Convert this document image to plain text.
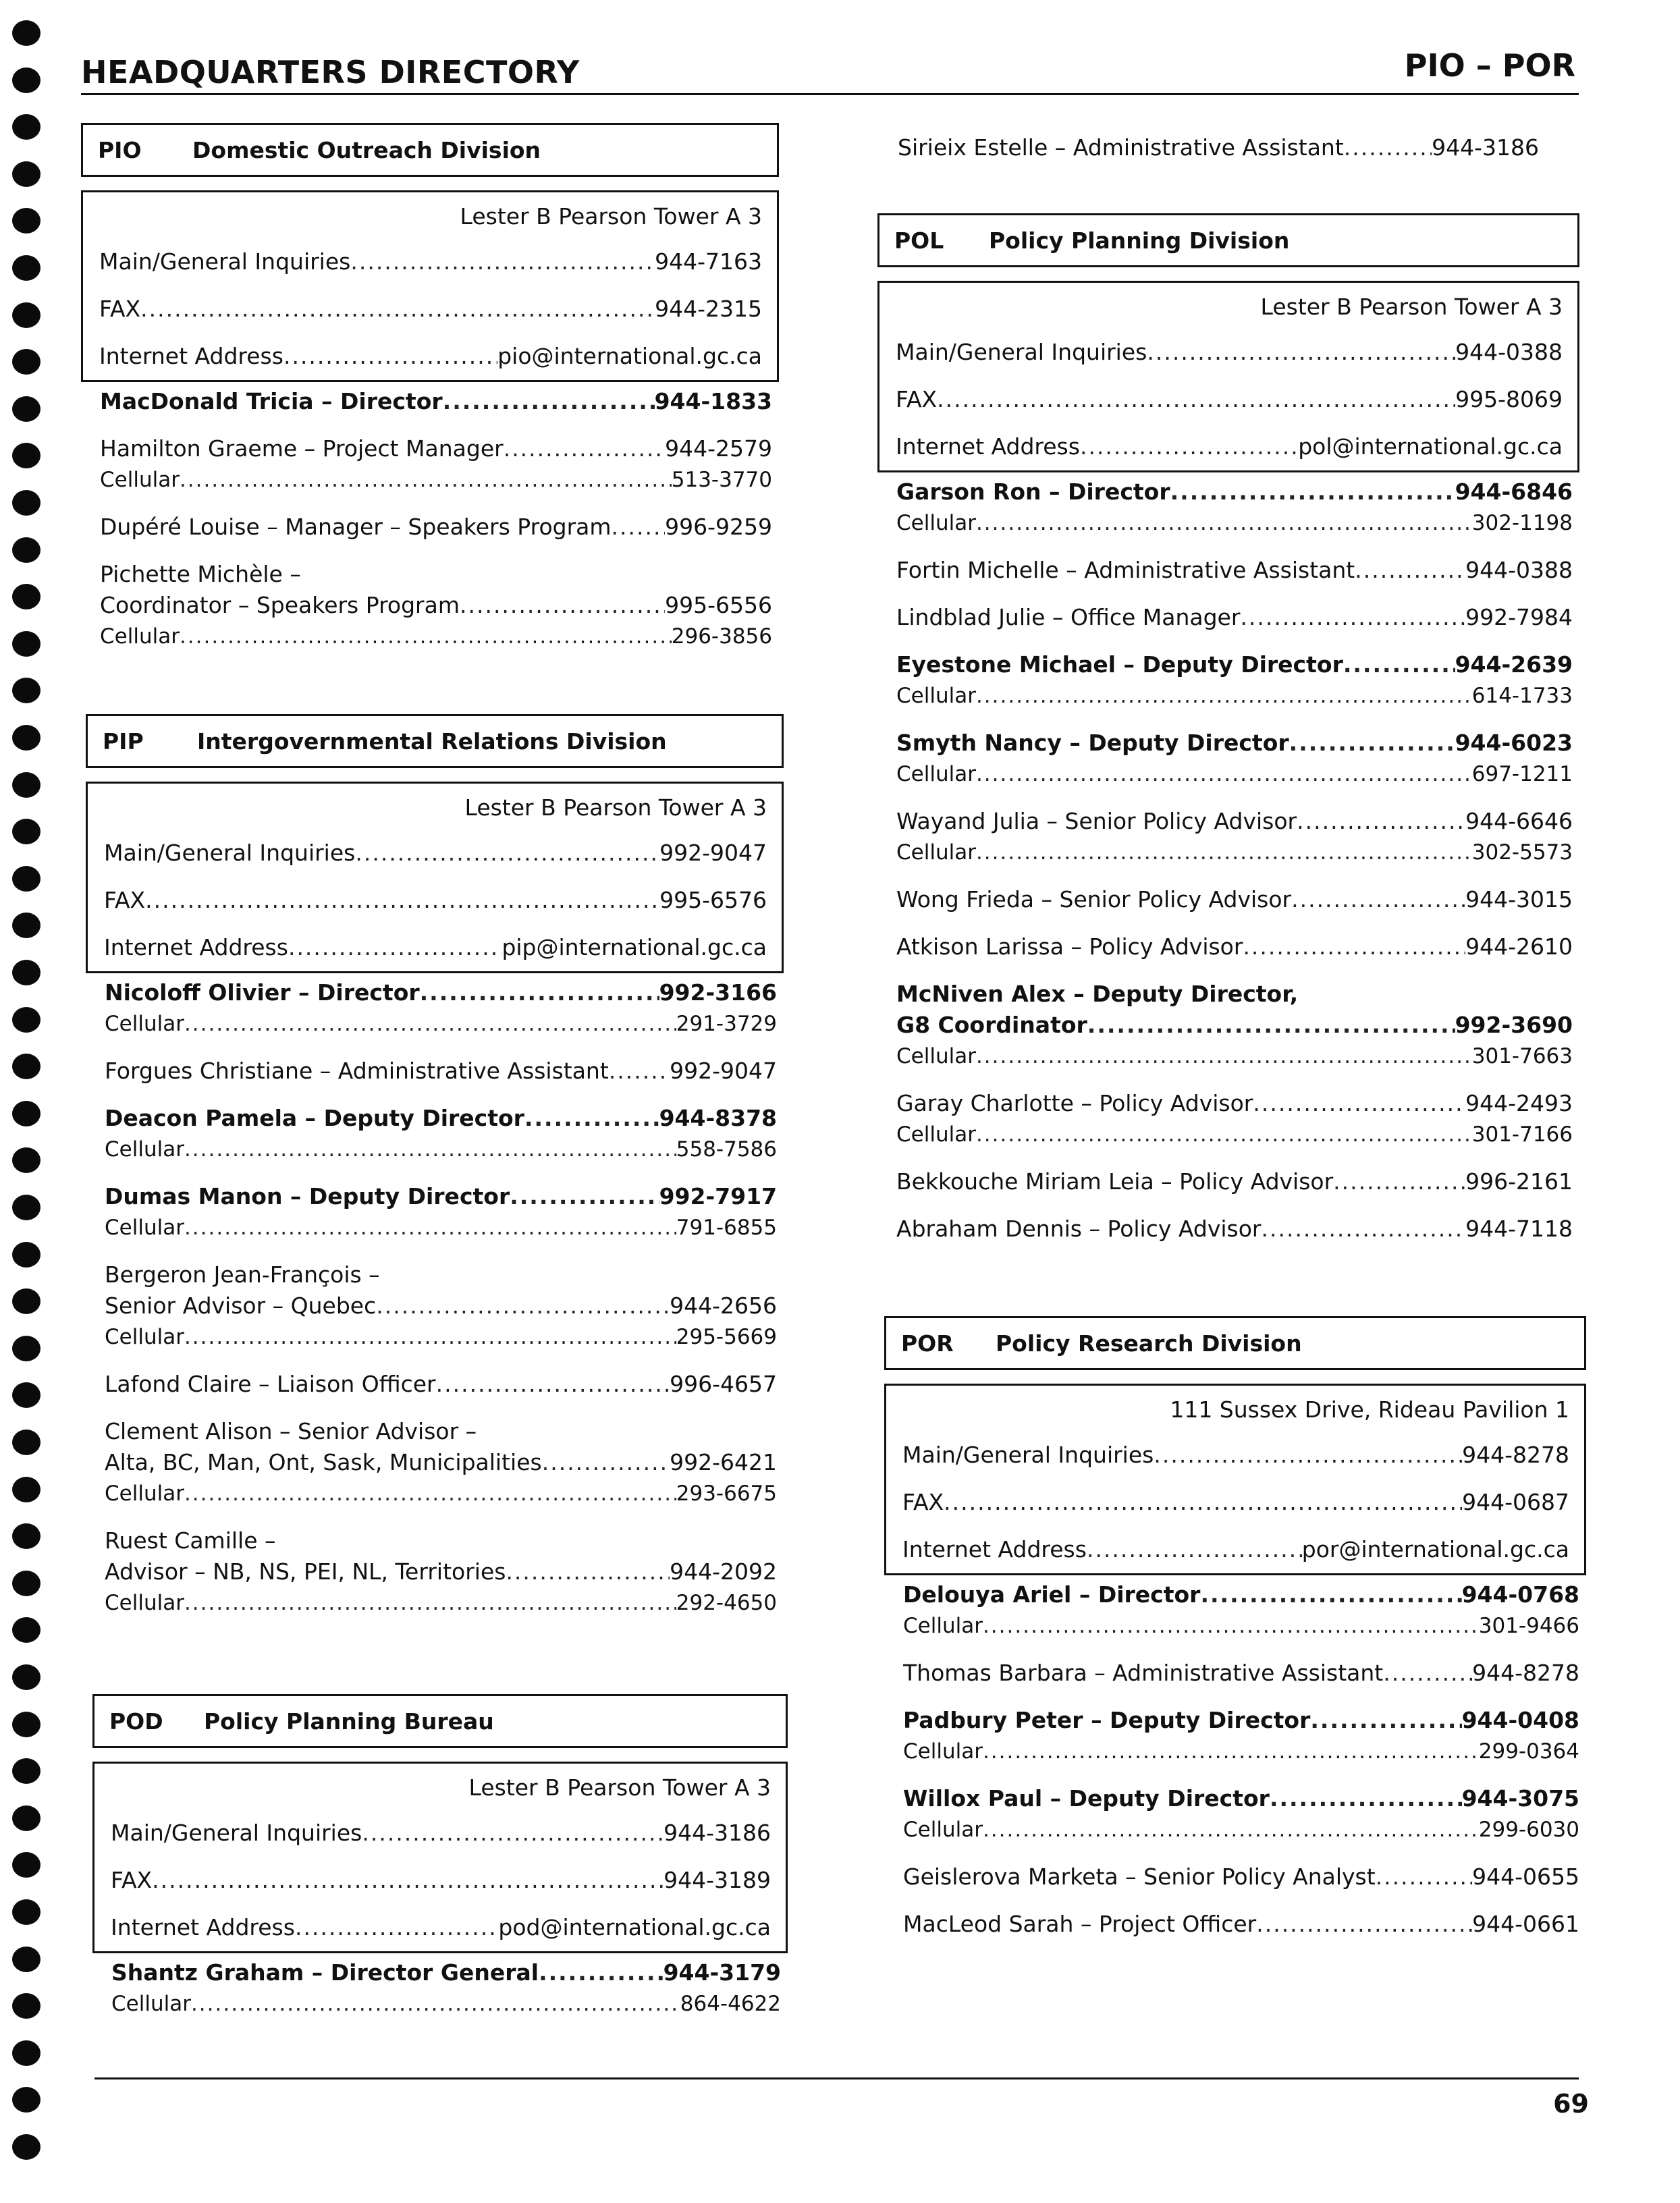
HEADQUARTERS DIRECTORY	PIO – POR
PIO	Domestic Outreach Division
Lester B Pearson Tower A 3
Main/General Inquiries .....	944-7163
FAX .....	944-2315
Internet Address .....	pio@international.gc.ca
MacDonald Tricia – Director .....	944-1833
Hamilton Graeme – Project Manager .....	944-2579
Cellular .....	513-3770
Dupéré Louise – Manager – Speakers Program ..... 996-9259
Pichette Michèle –
Coordinator – Speakers Program .....	995-6556
Cellular .....	296-3856
PIP	Intergovernmental Relations Division
Lester B Pearson Tower A 3
Main/General Inquiries .....	992-9047
FAX .....	995-6576
Internet Address .....	pip@international.gc.ca
Nicoloff Olivier – Director .....	992-3166
Cellular .....	291-3729
Forgues Christiane – Administrative Assistant .....	992-9047
Deacon Pamela – Deputy Director .....	944-8378
Cellular .....	558-7586
Dumas Manon – Deputy Director .....	992-7917
Cellular .....	791-6855
Bergeron Jean-François –
Senior Advisor – Quebec .....	944-2656
Cellular .....	295-5669
Lafond Claire – Liaison Officer .....	996-4657
Clement Alison – Senior Advisor –
Alta, BC, Man, Ont, Sask, Municipalities .....	992-6421
Cellular .....	293-6675
Ruest Camille –
Advisor – NB, NS, PEI, NL, Territories .....	944-2092
Cellular .....	292-4650
POD	Policy Planning Bureau
Lester B Pearson Tower A 3
Main/General Inquiries .....	944-3186
FAX .....	944-3189
Internet Address .....	pod@international.gc.ca
Shantz Graham – Director General .....	944-3179
Cellular .....	864-4622
Sirieix Estelle – Administrative Assistant .....	944-3186
POL	Policy Planning Division
Lester B Pearson Tower A 3
Main/General Inquiries .....	944-0388
FAX .....	995-8069
Internet Address .....	pol@international.gc.ca
Garson Ron – Director .....	944-6846
Cellular .....	302-1198
Fortin Michelle – Administrative Assistant .....	944-0388
Lindblad Julie – Office Manager .....	992-7984
Eyestone Michael – Deputy Director .....	944-2639
Cellular .....	614-1733
Smyth Nancy – Deputy Director .....	944-6023
Cellular .....	697-1211
Wayand Julia – Senior Policy Advisor .....	944-6646
Cellular .....	302-5573
Wong Frieda – Senior Policy Advisor .....	944-3015
Atkison Larissa – Policy Advisor .....	944-2610
McNiven Alex – Deputy Director,
G8 Coordinator .....	992-3690
Cellular .....	301-7663
Garay Charlotte – Policy Advisor .....	944-2493
Cellular .....	301-7166
Bekkouche Miriam Leia – Policy Advisor .....	996-2161
Abraham Dennis – Policy Advisor .....	944-7118
POR	Policy Research Division
111 Sussex Drive, Rideau Pavilion 1
Main/General Inquiries .....	944-8278
FAX .....	944-0687
Internet Address .....	por@international.gc.ca
Delouya Ariel – Director .....	944-0768
Cellular .....	301-9466
Thomas Barbara – Administrative Assistant .....	944-8278
Padbury Peter – Deputy Director .....	944-0408
Cellular .....	299-0364
Willox Paul – Deputy Director .....	944-3075
Cellular .....	299-6030
Geislerova Marketa – Senior Policy Analyst .....	944-0655
MacLeod Sarah – Project Officer .....	944-0661
69
